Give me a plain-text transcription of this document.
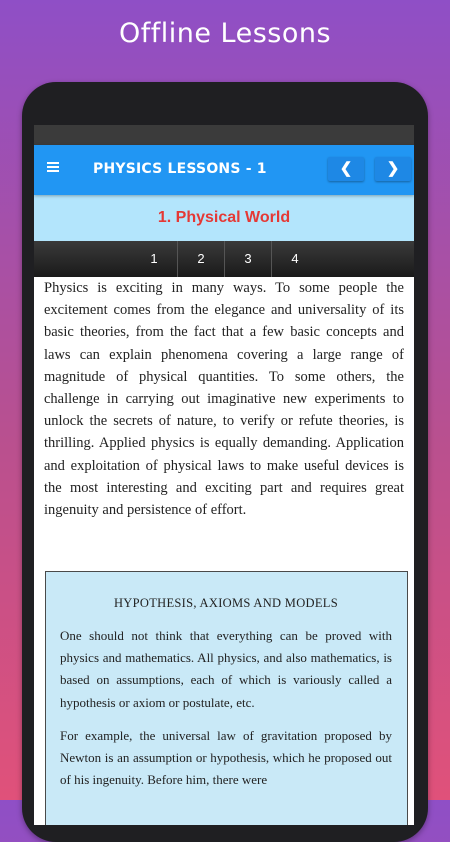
Offline Lessons
PHYSICS LESSONS - 1	❮	❯
1. Physical World
1	2	3	4

Physics is exciting in many ways. To some people the excitement comes from the elegance and universality of its basic theories, from the fact that a few basic concepts and laws can explain phenomena covering a large range of magnitude of physical quantities. To some others, the challenge in carrying out imaginative new experiments to unlock the secrets of nature, to verify or refute theories, is thrilling. Applied physics is equally demanding. Application and exploitation of physical laws to make useful devices is the most interesting and exciting part and requires great ingenuity and persistence of effort.

HYPOTHESIS, AXIOMS AND MODELS

One should not think that everything can be proved with physics and mathematics. All physics, and also mathematics, is based on assumptions, each of which is variously called a hypothesis or axiom or postulate, etc.

For example, the universal law of gravitation proposed by Newton is an assumption or hypothesis, which he proposed out of his ingenuity. Before him, there were
